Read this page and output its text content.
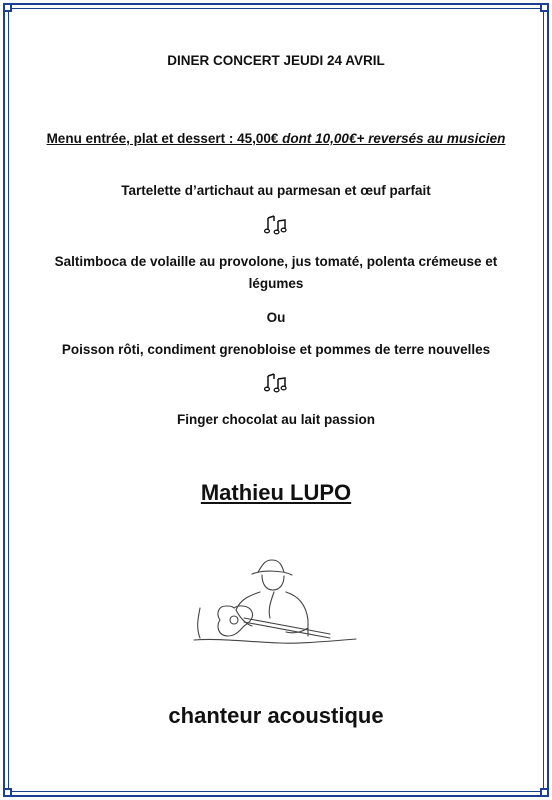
DINER CONCERT JEUDI 24 AVRIL
Menu entrée, plat et dessert : 45,00€ dont 10,00€+ reversés au musicien
Tartelette d’artichaut au parmesan et œuf parfait
Saltimboca de volaille au provolone, jus tomaté, polenta crémeuse et légumes
Ou
Poisson rôti, condiment grenobloise et pommes de terre nouvelles
Finger chocolat au lait passion
Mathieu LUPO
chanteur acoustique
